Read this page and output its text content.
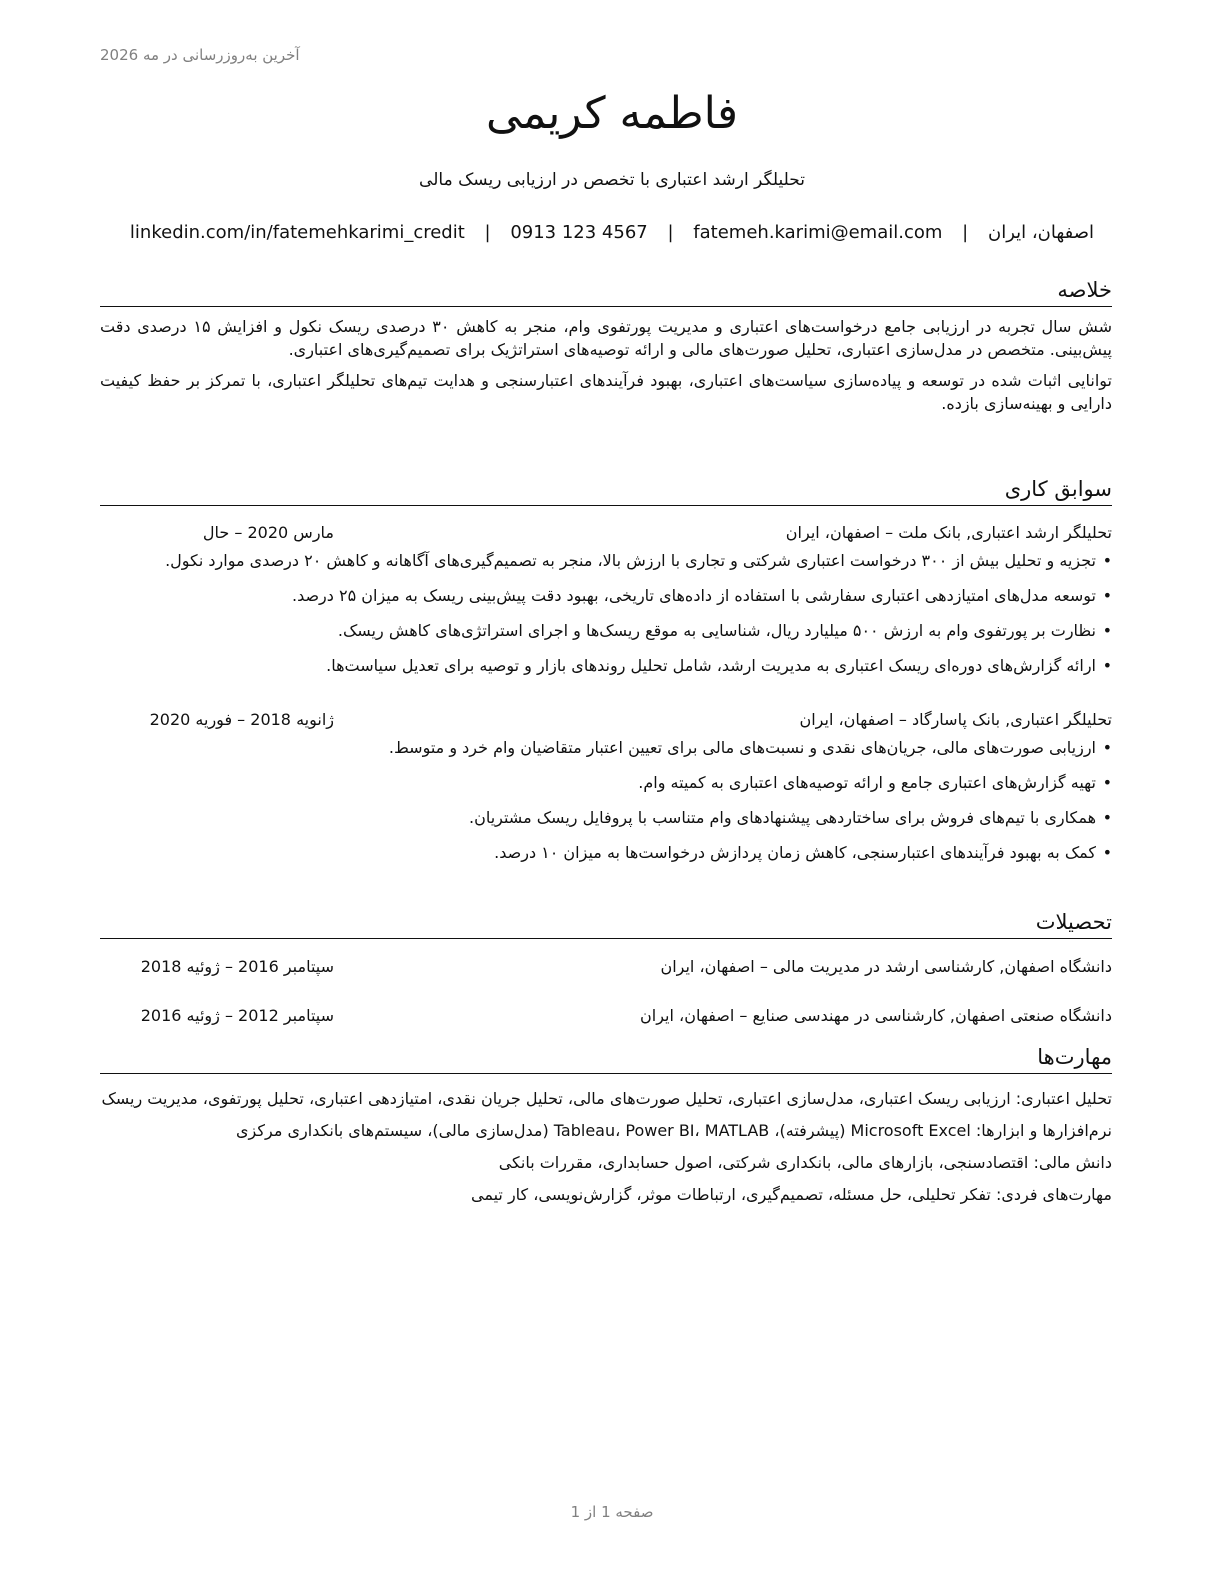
آخرین به‌روزرسانی در مه 2026
فاطمه کریمی
تحلیلگر ارشد اعتباری با تخصص در ارزیابی ریسک مالی
اصفهان، ایران | fatemeh.karimi@email.com | 0913 123 4567 | linkedin.com/in/fatemehkarimi_credit
خلاصه

شش سال تجربه در ارزیابی جامع درخواست‌های اعتباری و مدیریت پورتفوی وام، منجر به کاهش ۳۰ درصدی ریسک نکول و افزایش ۱۵ درصدی دقت پیش‌بینی. متخصص در مدل‌سازی اعتباری، تحلیل صورت‌های مالی و ارائه توصیه‌های استراتژیک برای تصمیم‌گیری‌های اعتباری.

توانایی اثبات شده در توسعه و پیاده‌سازی سیاست‌های اعتباری، بهبود فرآیندهای اعتبارسنجی و هدایت تیم‌های تحلیلگر اعتباری، با تمرکز بر حفظ کیفیت دارایی و بهینه‌سازی بازده.

سوابق کاری
تحلیلگر ارشد اعتباری, بانک ملت – اصفهان، ایران
مارس 2020 – حال
•
تجزیه و تحلیل بیش از ۳۰۰ درخواست اعتباری شرکتی و تجاری با ارزش بالا، منجر به تصمیم‌گیری‌های آگاهانه و کاهش ۲۰ درصدی موارد نکول.
•
توسعه مدل‌های امتیازدهی اعتباری سفارشی با استفاده از داده‌های تاریخی، بهبود دقت پیش‌بینی ریسک به میزان ۲۵ درصد.
•
نظارت بر پورتفوی وام به ارزش ۵۰۰ میلیارد ریال، شناسایی به موقع ریسک‌ها و اجرای استراتژی‌های کاهش ریسک.
•
ارائه گزارش‌های دوره‌ای ریسک اعتباری به مدیریت ارشد، شامل تحلیل روندهای بازار و توصیه برای تعدیل سیاست‌ها.
تحلیلگر اعتباری, بانک پاسارگاد – اصفهان، ایران
ژانویه 2018 – فوریه 2020
•
ارزیابی صورت‌های مالی، جریان‌های نقدی و نسبت‌های مالی برای تعیین اعتبار متقاضیان وام خرد و متوسط.
•
تهیه گزارش‌های اعتباری جامع و ارائه توصیه‌های اعتباری به کمیته وام.
•
همکاری با تیم‌های فروش برای ساختاردهی پیشنهادهای وام متناسب با پروفایل ریسک مشتریان.
•
کمک به بهبود فرآیندهای اعتبارسنجی، کاهش زمان پردازش درخواست‌ها به میزان ۱۰ درصد.
تحصیلات
دانشگاه اصفهان, کارشناسی ارشد در مدیریت مالی – اصفهان، ایران
سپتامبر 2016 – ژوئیه 2018
دانشگاه صنعتی اصفهان, کارشناسی در مهندسی صنایع – اصفهان، ایران
سپتامبر 2012 – ژوئیه 2016
مهارت‌ها
تحلیل اعتباری: ارزیابی ریسک اعتباری، مدل‌سازی اعتباری، تحلیل صورت‌های مالی، تحلیل جریان نقدی، امتیازدهی اعتباری، تحلیل پورتفوی، مدیریت ریسک
نرم‌افزارها و ابزارها: Microsoft Excel (پیشرفته)، Tableau، Power BI، MATLAB (مدل‌سازی مالی)، سیستم‌های بانکداری مرکزی
دانش مالی: اقتصادسنجی، بازارهای مالی، بانکداری شرکتی، اصول حسابداری، مقررات بانکی
مهارت‌های فردی: تفکر تحلیلی، حل مسئله، تصمیم‌گیری، ارتباطات موثر، گزارش‌نویسی، کار تیمی
صفحه 1 از 1
